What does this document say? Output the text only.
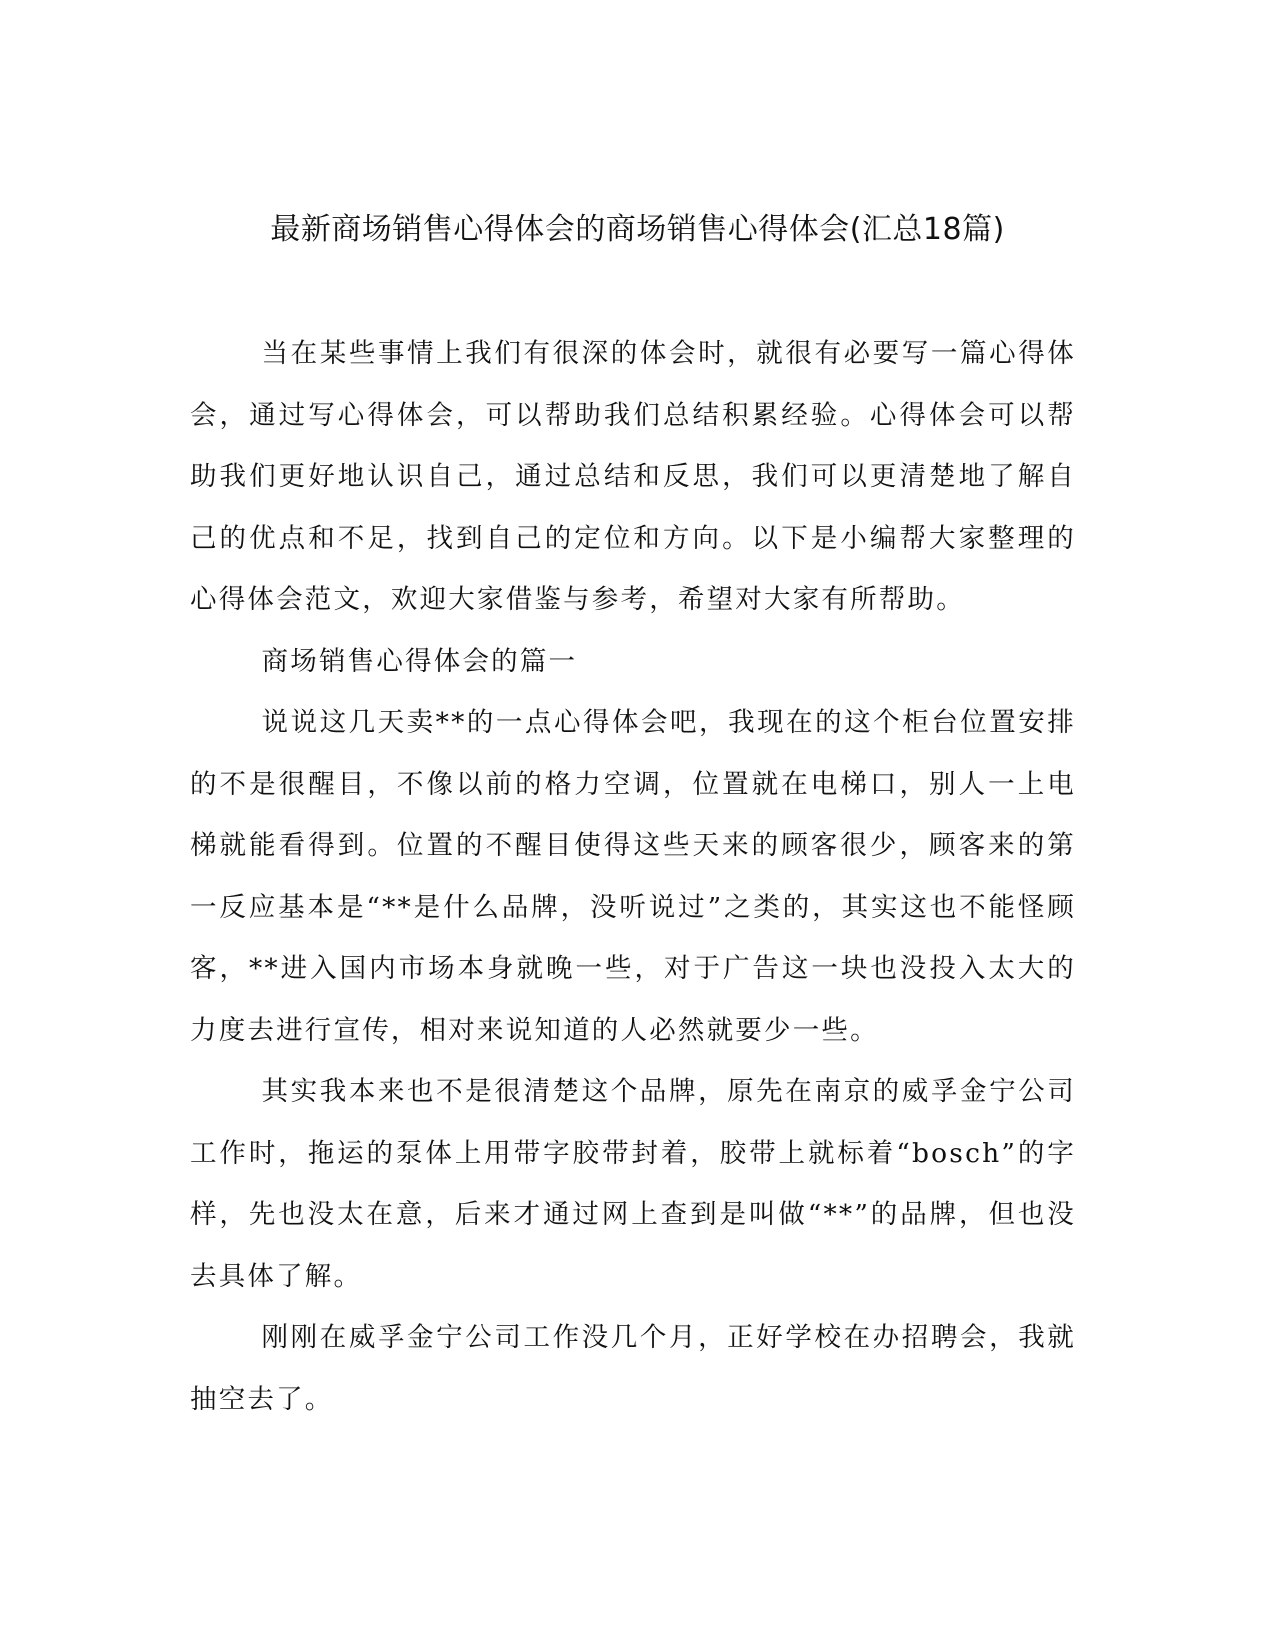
最新商场销售心得体会的商场销售心得体会(汇总18篇)

当在某些事情上我们有很深的体会时，就很有必要写一篇心得体会，通过写心得体会，可以帮助我们总结积累经验。心得体会可以帮助我们更好地认识自己，通过总结和反思，我们可以更清楚地了解自己的优点和不足，找到自己的定位和方向。以下是小编帮大家整理的心得体会范文，欢迎大家借鉴与参考，希望对大家有所帮助。

商场销售心得体会的篇一

说说这几天卖**的一点心得体会吧，我现在的这个柜台位置安排的不是很醒目，不像以前的格力空调，位置就在电梯口，别人一上电梯就能看得到。位置的不醒目使得这些天来的顾客很少，顾客来的第一反应基本是“**是什么品牌，没听说过”之类的，其实这也不能怪顾客，**进入国内市场本身就晚一些，对于广告这一块也没投入太大的力度去进行宣传，相对来说知道的人必然就要少一些。

其实我本来也不是很清楚这个品牌，原先在南京的威孚金宁公司工作时，拖运的泵体上用带字胶带封着，胶带上就标着“bosch”的字样，先也没太在意，后来才通过网上查到是叫做“**”的品牌，但也没去具体了解。

刚刚在威孚金宁公司工作没几个月，正好学校在办招聘会，我就抽空去了。
